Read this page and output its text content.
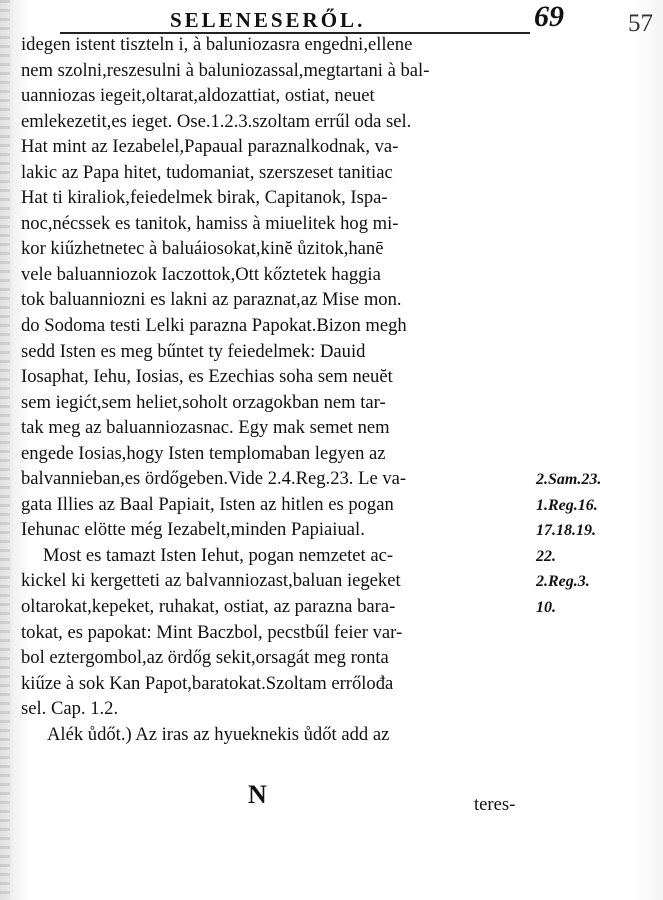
SELENESERŐL.	69	57
idegen istent tiszteln i, à baluniozasra engedni,ellene
nem szolni,reszesulni à baluniozassal,megtartani à bal-
uanniozas iegeit,oltarat,aldozattiat, ostiat, neuet
emlekezetit,es ieget. Ose.1.2.3.szoltam errűl oda sel.
Hat mint az Iezabelel,Papaual paraznalkodnak, va-
lakic az Papa hitet, tudomaniat, szerszeset tanitiac
Hat ti kiraliok,feiedelmek birak, Capitanok, Ispa-
noc,nécssek es tanitok, hamiss à miuelitek hog mi-
kor kiűzhetnetec à baluáiosokat,kinĕ ůzitok,hanē
vele baluanniozok Iaczottok,Ott kőztetek haggia
tok baluanniozni es lakni az paraznat,az Mise mon.
do Sodoma testi Lelki parazna Papokat.Bizon megh
sedd Isten es meg bűntet ty feiedelmek: Dauid
Iosaphat, Iehu, Iosias, es Ezechias soha sem neuĕt
sem iegićt,sem heliet,soholt orzagokban nem tar-
tak meg az baluanniozasnac. Egy mak semet nem
engede Iosias,hogy Isten templomaban legyen az
balvannieban,es ördőgeben.Vide 2.4.Reg.23. Le va-
gata Illies az Baal Papiait, Isten az hitlen es pogan
Iehunac elötte még Iezabelt,minden Papiaiual.
Most es tamazt Isten Iehut, pogan nemzetet ac-
kickel ki kergetteti az balvanniozast,baluan iegeket
oltarokat,kepeket, ruhakat, ostiat, az parazna bara-
tokat, es papokat: Mint Baczbol, pecstbűl feier var-
bol eztergombol,az ördőg sekit,orsagát meg ronta
kiűze à sok Kan Papot,baratokat.Szoltam errőlođa
sel. Cap. 1.2.
Alék ůdőt.) Az iras az hyueknekis ůdőt add az
2.Sam.23.
1.Reg.16.
17.18.19.
22.
2.Reg.3.
10.
N	teres-
